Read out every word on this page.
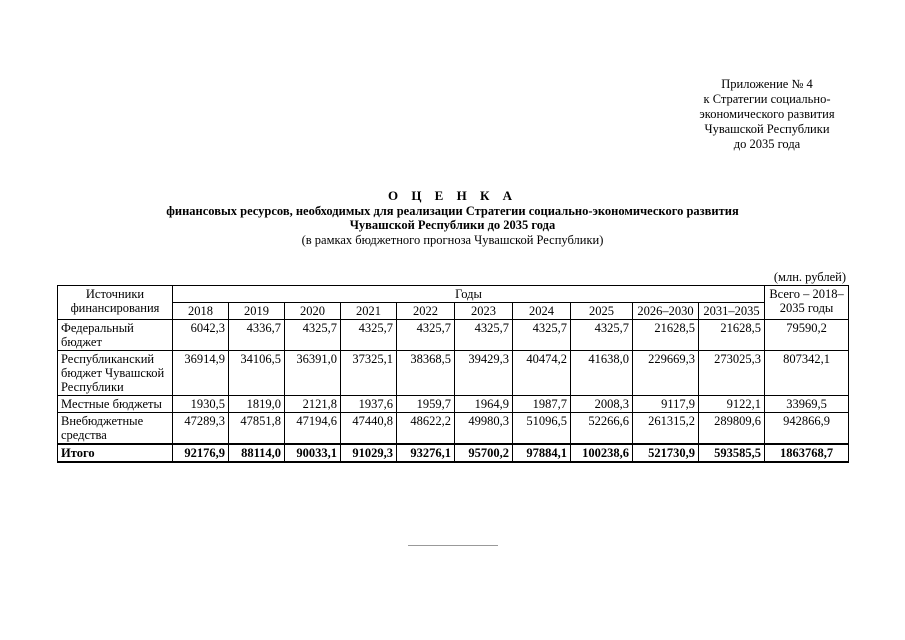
Приложение № 4
к Стратегии социально-
экономического развития
Чувашской Республики
до 2035 года
О Ц Е Н К А
финансовых ресурсов, необходимых для реализации Стратегии социально-экономического развития
Чувашской Республики до 2035 года
(в рамках бюджетного прогноза Чувашской Республики)
(млн. рублей)
Источники финансирования	Годы										Всего – 2018–2035 годы
	2018	2019	2020	2021	2022	2023	2024	2025	2026–2030	2031–2035	
Федеральный бюджет	6042,3	4336,7	4325,7	4325,7	4325,7	4325,7	4325,7	4325,7	21628,5	21628,5	79590,2
Республиканский бюджет Чувашской Республики	36914,9	34106,5	36391,0	37325,1	38368,5	39429,3	40474,2	41638,0	229669,3	273025,3	807342,1
Местные бюджеты	1930,5	1819,0	2121,8	1937,6	1959,7	1964,9	1987,7	2008,3	9117,9	9122,1	33969,5
Внебюджетные средства	47289,3	47851,8	47194,6	47440,8	48622,2	49980,3	51096,5	52266,6	261315,2	289809,6	942866,9
Итого	92176,9	88114,0	90033,1	91029,3	93276,1	95700,2	97884,1	100238,6	521730,9	593585,5	1863768,7
